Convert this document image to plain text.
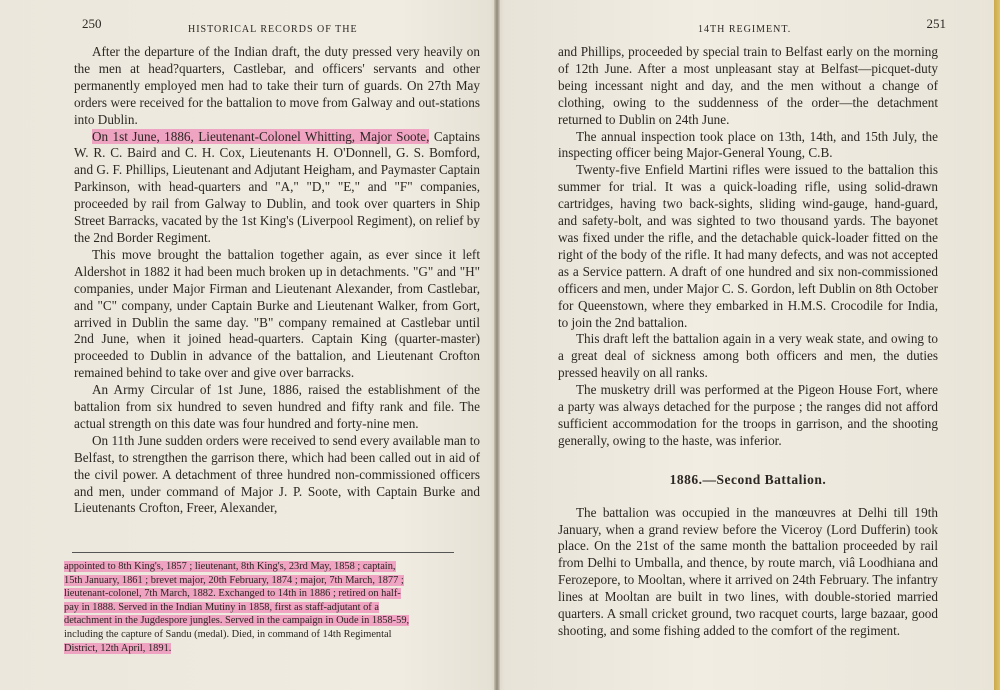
250	HISTORICAL RECORDS OF THE

After the departure of the Indian draft, the duty pressed very heavily on the men at head?quarters, Castlebar, and officers' servants and other permanently employed men had to take their turn of guards. On 27th May orders were received for the battalion to move from Galway and out-stations into Dublin.

On 1st June, 1886, Lieutenant-Colonel Whitting, Major Soote, Captains W. R. C. Baird and C. H. Cox, Lieutenants H. O'Donnell, G. S. Bomford, and G. F. Phillips, Lieutenant and Adjutant Heigham, and Paymaster Captain Parkinson, with head-quarters and "A," "D," "E," and "F" companies, proceeded by rail from Galway to Dublin, and took over quarters in Ship Street Barracks, vacated by the 1st King's (Liverpool Regiment), on relief by the 2nd Border Regiment.

This move brought the battalion together again, as ever since it left Aldershot in 1882 it had been much broken up in detachments. "G" and "H" companies, under Major Firman and Lieutenant Alexander, from Castlebar, and "C" company, under Captain Burke and Lieutenant Walker, from Gort, arrived in Dublin the same day. "B" company remained at Castlebar until 2nd June, when it joined head-quarters. Captain King (quarter-master) proceeded to Dublin in advance of the battalion, and Lieutenant Crofton remained behind to take over and give over barracks.

An Army Circular of 1st June, 1886, raised the establishment of the battalion from six hundred to seven hundred and fifty rank and file. The actual strength on this date was four hundred and forty-nine men.

On 11th June sudden orders were received to send every available man to Belfast, to strengthen the garrison there, which had been called out in aid of the civil power. A detachment of three hundred non-commissioned officers and men, under command of Major J. P. Soote, with Captain Burke and Lieutenants Crofton, Freer, Alexander,

appointed to 8th King's, 1857 ; lieutenant, 8th King's, 23rd May, 1858 ; captain,
15th January, 1861 ; brevet major, 20th February, 1874 ; major, 7th March, 1877 ;
lieutenant-colonel, 7th March, 1882. Exchanged to 14th in 1886 ; retired on half-
pay in 1888. Served in the Indian Mutiny in 1858, first as staff-adjutant of a
detachment in the Jugdespore jungles. Served in the campaign in Oude in 1858-59,
including the capture of Sandu (medal). Died, in command of 14th Regimental
District, 12th April, 1891.
14TH REGIMENT.	251

and Phillips, proceeded by special train to Belfast early on the morning of 12th June. After a most unpleasant stay at Belfast—picquet-duty being incessant night and day, and the men without a change of clothing, owing to the suddenness of the order—the detachment returned to Dublin on 24th June.

The annual inspection took place on 13th, 14th, and 15th July, the inspecting officer being Major-General Young, C.B.

Twenty-five Enfield Martini rifles were issued to the battalion this summer for trial. It was a quick-loading rifle, using solid-drawn cartridges, having two back-sights, sliding wind-gauge, hand-guard, and safety-bolt, and was sighted to two thousand yards. The bayonet was fixed under the rifle, and the detachable quick-loader fitted on the right of the body of the rifle. It had many defects, and was not accepted as a Service pattern. A draft of one hundred and six non-commissioned officers and men, under Major C. S. Gordon, left Dublin on 8th October for Queenstown, where they embarked in H.M.S. Crocodile for India, to join the 2nd battalion.

This draft left the battalion again in a very weak state, and owing to a great deal of sickness among both officers and men, the duties pressed heavily on all ranks.

The musketry drill was performed at the Pigeon House Fort, where a party was always detached for the purpose ; the ranges did not afford sufficient accommodation for the troops in garrison, and the shooting generally, owing to the haste, was inferior.

1886.—Second Battalion.

The battalion was occupied in the manœuvres at Delhi till 19th January, when a grand review before the Viceroy (Lord Dufferin) took place. On the 21st of the same month the battalion proceeded by rail from Delhi to Umballa, and thence, by route march, viâ Loodhiana and Ferozepore, to Mooltan, where it arrived on 24th February. The infantry lines at Mooltan are built in two lines, with double-storied married quarters. A small cricket ground, two racquet courts, large bazaar, good shooting, and some fishing added to the comfort of the regiment.
